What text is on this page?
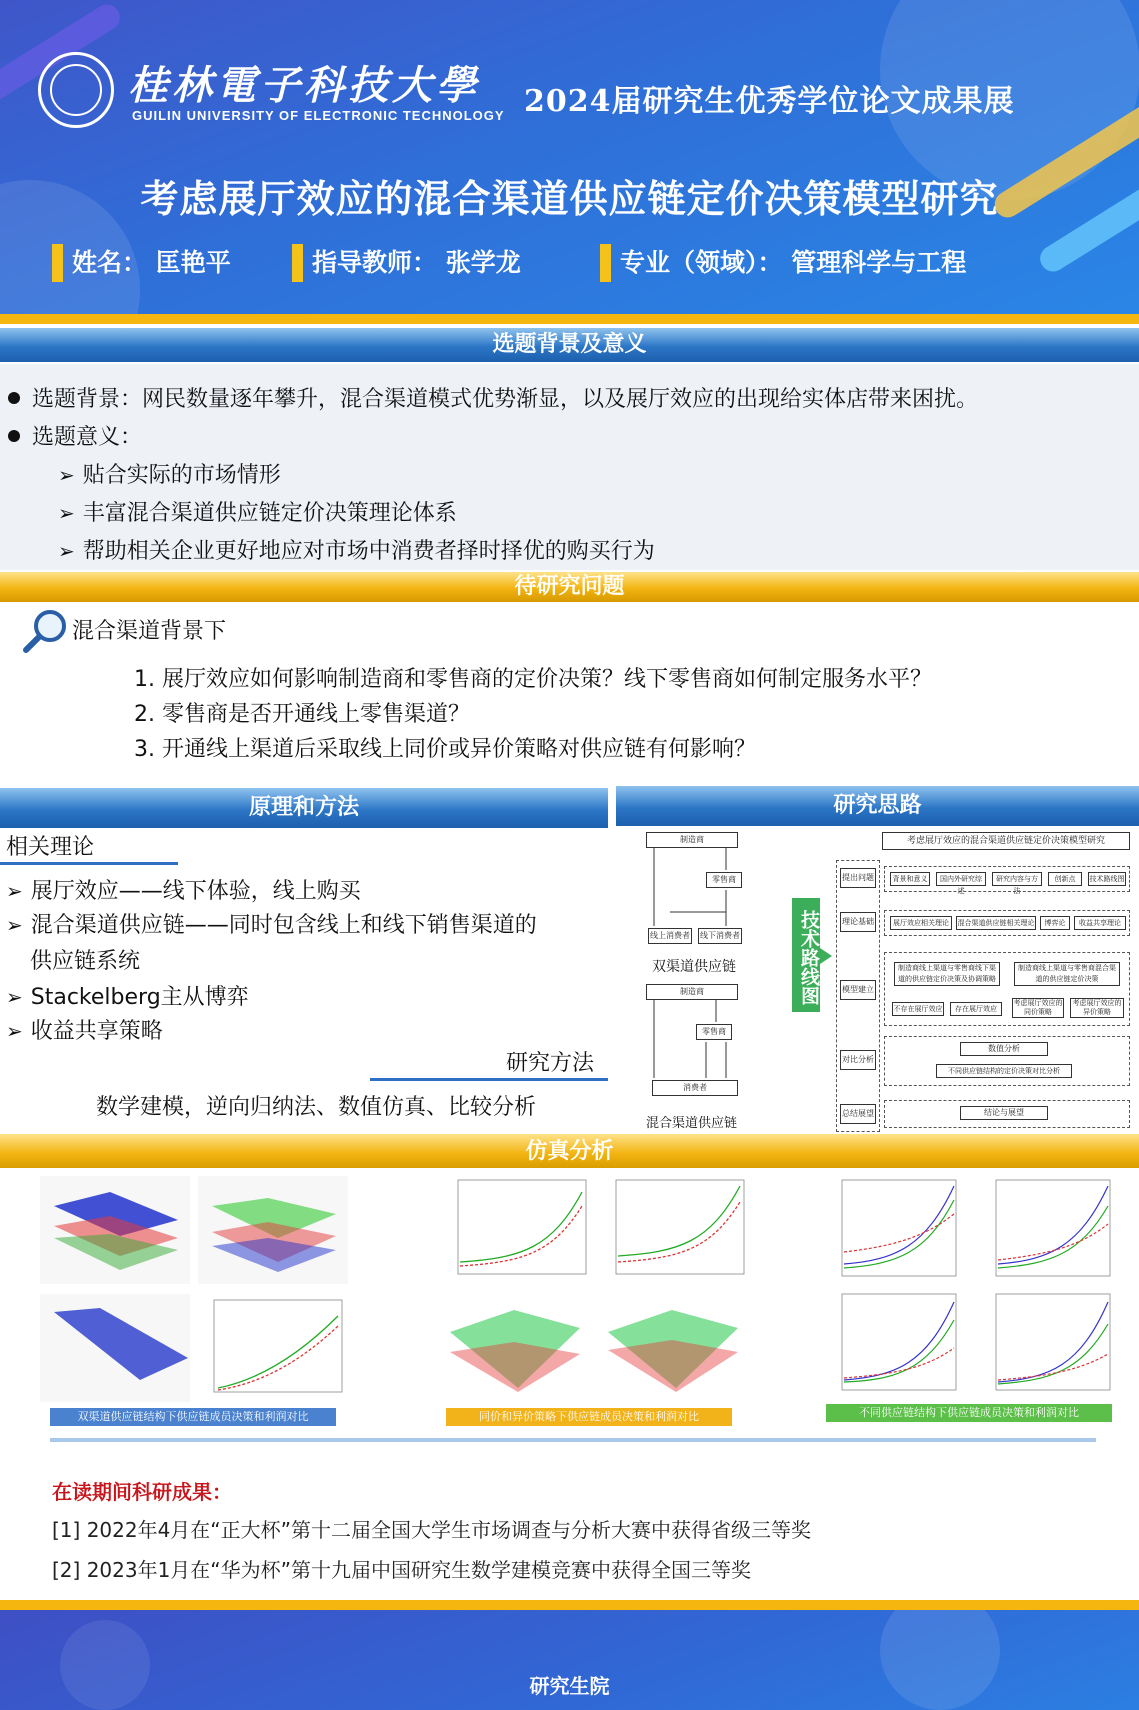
桂林電子科技大學
GUILIN UNIVERSITY OF ELECTRONIC TECHNOLOGY 2024届研究生优秀学位论文成果展
考虑展厅效应的混合渠道供应链定价决策模型研究
姓名： 匡艳平	指导教师： 张学龙	专业（领域）： 管理科学与工程
选题背景及意义
选题背景：网民数量逐年攀升，混合渠道模式优势渐显，以及展厅效应的出现给实体店带来困扰。
选题意义：
➢ 贴合实际的市场情形
➢ 丰富混合渠道供应链定价决策理论体系
➢ 帮助相关企业更好地应对市场中消费者择时择优的购买行为
待研究问题
混合渠道背景下
1. 展厅效应如何影响制造商和零售商的定价决策？线下零售商如何制定服务水平？
2. 零售商是否开通线上零售渠道？
3. 开通线上渠道后采取线上同价或异价策略对供应链有何影响？
原理和方法
相关理论
➢ 展厅效应——线下体验，线上购买
➢ 混合渠道供应链——同时包含线上和线下销售渠道的
供应链系统
➢ Stackelberg主从博弈
➢ 收益共享策略
研究方法
数学建模，逆向归纳法、数值仿真、比较分析
研究思路
制造商
零售商
线上消费者 线下消费者
双渠道供应链
制造商
零售商
消费者
混合渠道供应链
技术路线图
考虑展厅效应的混合渠道供应链定价决策模型研究
提出问题
理论基础
模型建立
对比分析
总结展望
背景和意义	国内外研究综述
研究内容与方法
创新点	技术路线图
展厅效应相关理论	混合渠道供应链相关理论	博弈论	收益共享理论
制造商线上渠道与零售商线下渠道的供应链定价决策及协调策略
制造商线上渠道与零售商混合渠道的供应链定价决策
不存在展厅效应	存在展厅效应
考虑展厅效应的同价策略
考虑展厅效应的异价策略
数值分析
不同供应链结构的定价决策对比分析
结论与展望
仿真分析
双渠道供应链结构下供应链成员决策和利润对比	同价和异价策略下供应链成员决策和利润对比	不同供应链结构下供应链成员决策和利润对比
在读期间科研成果：
[1] 2022年4月在“正大杯”第十二届全国大学生市场调查与分析大赛中获得省级三等奖
[2] 2023年1月在“华为杯”第十九届中国研究生数学建模竞赛中获得全国三等奖
研究生院
